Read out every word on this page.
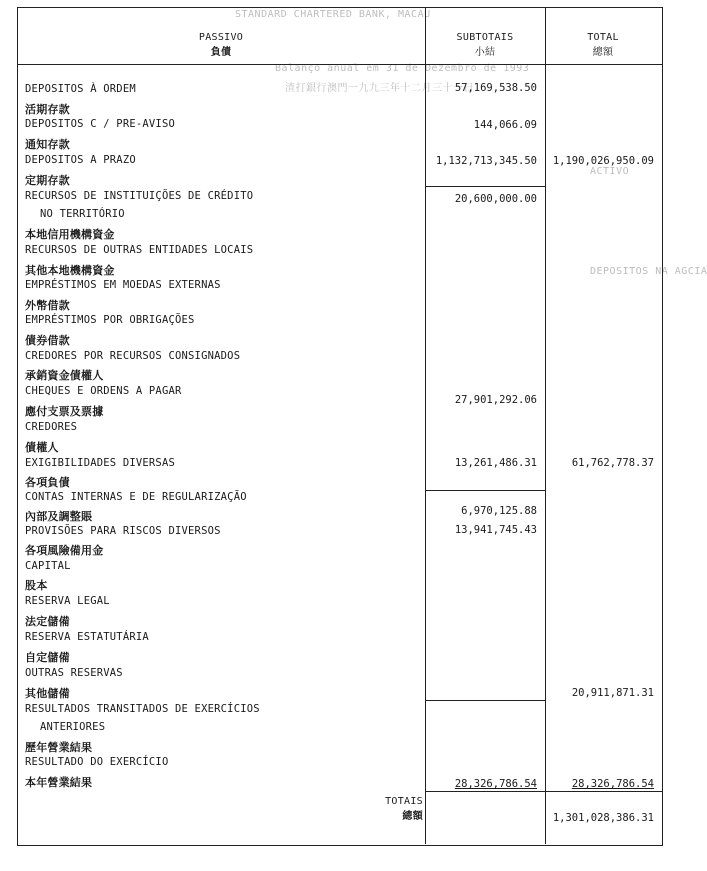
STANDARD CHARTERED BANK, MACAU
Balanço anual em 31 de Dezembro de 1993
渣打銀行澳門一九九三年十二月三十一日
ACTIVO
DEPOSITOS NA AGCIA
PASSIVO
負債
SUBTOTAIS
小結
TOTAL
總額
DEPOSITOS À ORDEM
活期存款
DEPOSITOS C / PRE-AVISO
通知存款
DEPOSITOS A PRAZO
定期存款
RECURSOS DE INSTITUIÇÕES DE CRÉDITO
NO TERRITÓRIO
本地信用機構資金
RECURSOS DE OUTRAS ENTIDADES LOCAIS
其他本地機構資金
EMPRÉSTIMOS EM MOEDAS EXTERNAS
外幣借款
EMPRÉSTIMOS POR OBRIGAÇÕES
債券借款
CREDORES POR RECURSOS CONSIGNADOS
承銷資金債權人
CHEQUES E ORDENS A PAGAR
應付支票及票據
CREDORES
債權人
EXIGIBILIDADES DIVERSAS
各項負債
CONTAS INTERNAS E DE REGULARIZAÇÃO
內部及調整賬
PROVISÕES PARA RISCOS DIVERSOS
各項風險備用金
CAPITAL
股本
RESERVA LEGAL
法定儲備
RESERVA ESTATUTÁRIA
自定儲備
OUTRAS RESERVAS
其他儲備
RESULTADOS TRANSITADOS DE EXERCÍCIOS
ANTERIORES
歷年營業結果
RESULTADO DO EXERCÍCIO
本年營業結果
57,169,538.50
144,066.09
1,132,713,345.50
20,600,000.00
27,901,292.06
13,261,486.31
6,970,125.88
13,941,745.43
28,326,786.54
1,190,026,950.09
61,762,778.37
20,911,871.31
28,326,786.54
TOTAIS
總額	1,301,028,386.31
